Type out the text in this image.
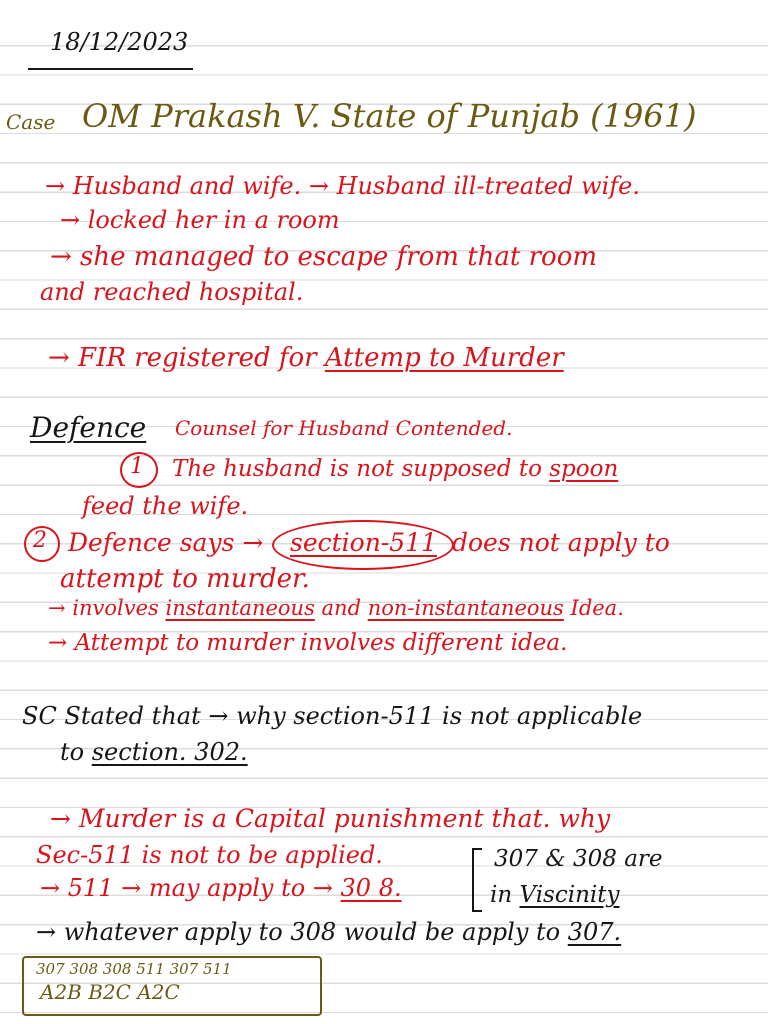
18/12/2023
Case OM Prakash V. State of Punjab (1961)
→ Husband and wife. → Husband ill-treated wife.
→ locked her in a room
→ she managed to escape from that room
and reached hospital.
→ FIR registered for Attemp to Murder
Defence Counsel for Husband Contended.
1 The husband is not supposed to spoon
feed the wife.
2 Defence says → section-511 does not apply to
attempt to murder.
→ involves instantaneous and non-instantaneous Idea.
→ Attempt to murder involves different idea.
SC Stated that → why section-511 is not applicable
to section. 302.
→ Murder is a Capital punishment that. why
Sec-511 is not to be applied.
→ 511 → may apply to → 30 8.
→ whatever apply to 308 would be apply to 307.
307 & 308 are
in Viscinity
307 308 308 511 307 511
A2B B2C A2C
